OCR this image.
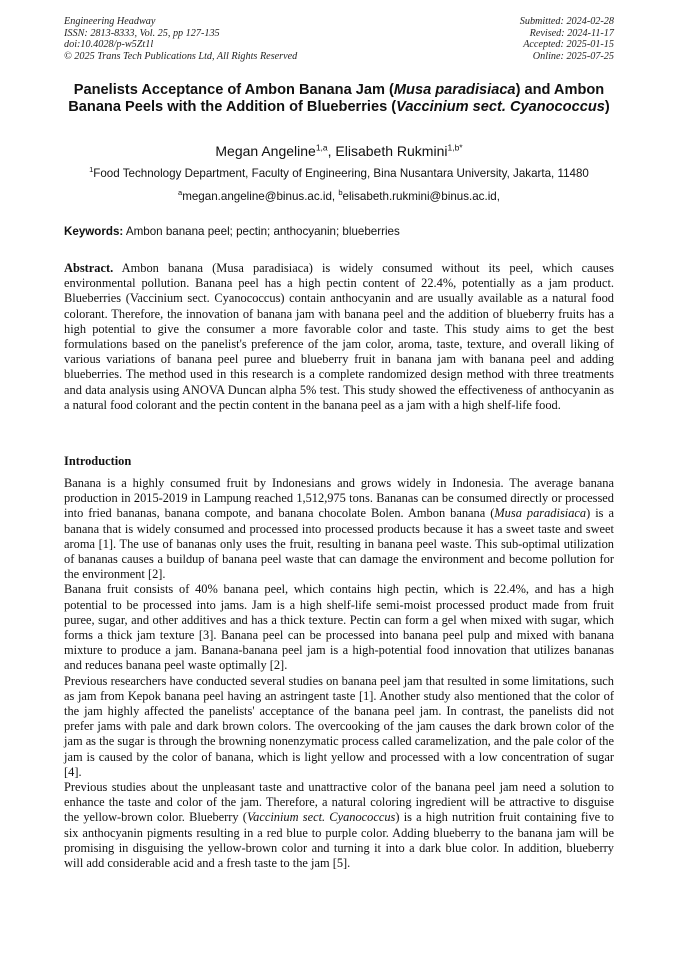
Engineering Headway
ISSN: 2813-8333, Vol. 25, pp 127-135
doi:10.4028/p-w5Zt1l
© 2025 Trans Tech Publications Ltd, All Rights Reserved
Submitted: 2024-02-28
Revised: 2024-11-17
Accepted: 2025-01-15
Online: 2025-07-25
Panelists Acceptance of Ambon Banana Jam (Musa paradisiaca) and Ambon Banana Peels with the Addition of Blueberries (Vaccinium sect. Cyanococcus)
Megan Angeline$^{1,a}$, Elisabeth Rukmini$^{1,b*}$
$^1$Food Technology Department, Faculty of Engineering, Bina Nusantara University, Jakarta, 11480
$^a$megan.angeline@binus.ac.id, $^b$elisabeth.rukmini@binus.ac.id,
Keywords: Ambon banana peel; pectin; anthocyanin; blueberries
Abstract. Ambon banana (Musa paradisiaca) is widely consumed without its peel, which causes environmental pollution. Banana peel has a high pectin content of 22.4%, potentially as a jam product. Blueberries (Vaccinium sect. Cyanococcus) contain anthocyanin and are usually available as a natural food colorant. Therefore, the innovation of banana jam with banana peel and the addition of blueberry fruits has a high potential to give the consumer a more favorable color and taste. This study aims to get the best formulations based on the panelist's preference of the jam color, aroma, taste, texture, and overall liking of various variations of banana peel puree and blueberry fruit in banana jam with banana peel and adding blueberries. The method used in this research is a complete randomized design method with three treatments and data analysis using ANOVA Duncan alpha 5% test. This study showed the effectiveness of anthocyanin as a natural food colorant and the pectin content in the banana peel as a jam with a high shelf-life food.
Introduction

Banana is a highly consumed fruit by Indonesians and grows widely in Indonesia. The average banana production in 2015-2019 in Lampung reached 1,512,975 tons. Bananas can be consumed directly or processed into fried bananas, banana compote, and banana chocolate Bolen. Ambon banana (Musa paradisiaca) is a banana that is widely consumed and processed into processed products because it has a sweet taste and sweet aroma [1]. The use of bananas only uses the fruit, resulting in banana peel waste. This sub-optimal utilization of bananas causes a buildup of banana peel waste that can damage the environment and become pollution for the environment [2].

Banana fruit consists of 40% banana peel, which contains high pectin, which is 22.4%, and has a high potential to be processed into jams. Jam is a high shelf-life semi-moist processed product made from fruit puree, sugar, and other additives and has a thick texture. Pectin can form a gel when mixed with sugar, which forms a thick jam texture [3]. Banana peel can be processed into banana peel pulp and mixed with banana mixture to produce a jam. Banana-banana peel jam is a high-potential food innovation that utilizes bananas and reduces banana peel waste optimally [2].

Previous researchers have conducted several studies on banana peel jam that resulted in some limitations, such as jam from Kepok banana peel having an astringent taste [1]. Another study also mentioned that the color of the jam highly affected the panelists' acceptance of the banana peel jam. In contrast, the panelists did not prefer jams with pale and dark brown colors. The overcooking of the jam causes the dark brown color of the jam as the sugar is through the browning nonenzymatic process called caramelization, and the pale color of the jam is caused by the color of banana, which is light yellow and processed with a low concentration of sugar [4].

Previous studies about the unpleasant taste and unattractive color of the banana peel jam need a solution to enhance the taste and color of the jam. Therefore, a natural coloring ingredient will be attractive to disguise the yellow-brown color. Blueberry (Vaccinium sect. Cyanococcus) is a high nutrition fruit containing five to six anthocyanin pigments resulting in a red blue to purple color. Adding blueberry to the banana jam will be promising in disguising the yellow-brown color and turning it into a dark blue color. In addition, blueberry will add considerable acid and a fresh taste to the jam [5].
